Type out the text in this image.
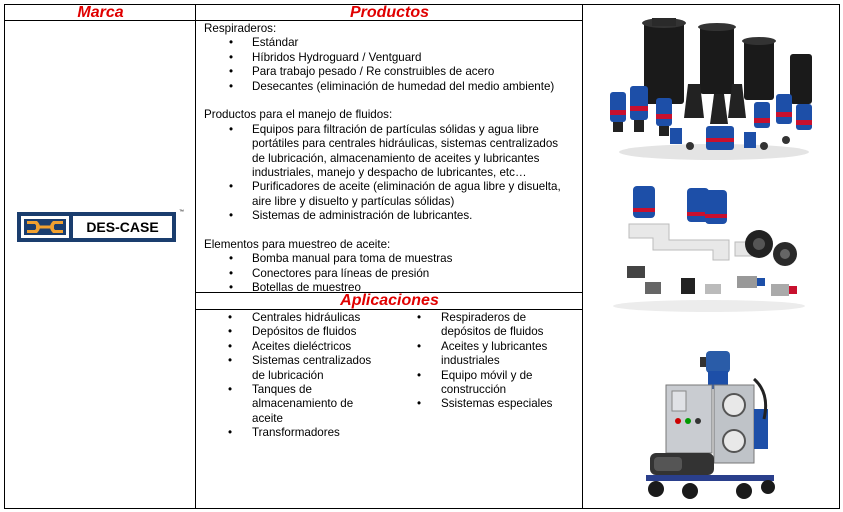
Marca	Productos
Aplicaciones
DES-CASE
™
Respiraderos:
• Estándar
• Híbridos Hydroguard / Ventguard
• Para trabajo pesado / Re construibles de acero
• Desecantes (eliminación de humedad del medio ambiente)
Productos para el manejo de fluidos:
• Equipos para filtración de partículas sólidas y agua libre
portátiles para centrales hidráulicas, sistemas centralizados
de lubricación, almacenamiento de aceites y lubricantes
industriales, manejo y despacho de lubricantes, etc…
• Purificadores de aceite (eliminación de agua libre y disuelta,
aire libre y disuelto y partículas sólidas)
• Sistemas de administración de lubricantes.
Elementos para muestreo de aceite:
• Bomba manual para toma de muestras
• Conectores para líneas de presión
• Botellas de muestreo
• Centrales hidráulicas
• Depósitos de fluidos
• Aceites dieléctricos
• Sistemas centralizados
de lubricación
• Tanques de
almacenamiento de
aceite
• Transformadores
• Respiraderos de
depósitos de fluidos
• Aceites y lubricantes
industriales
• Equipo móvil y de
construcción
• Ssistemas especiales
